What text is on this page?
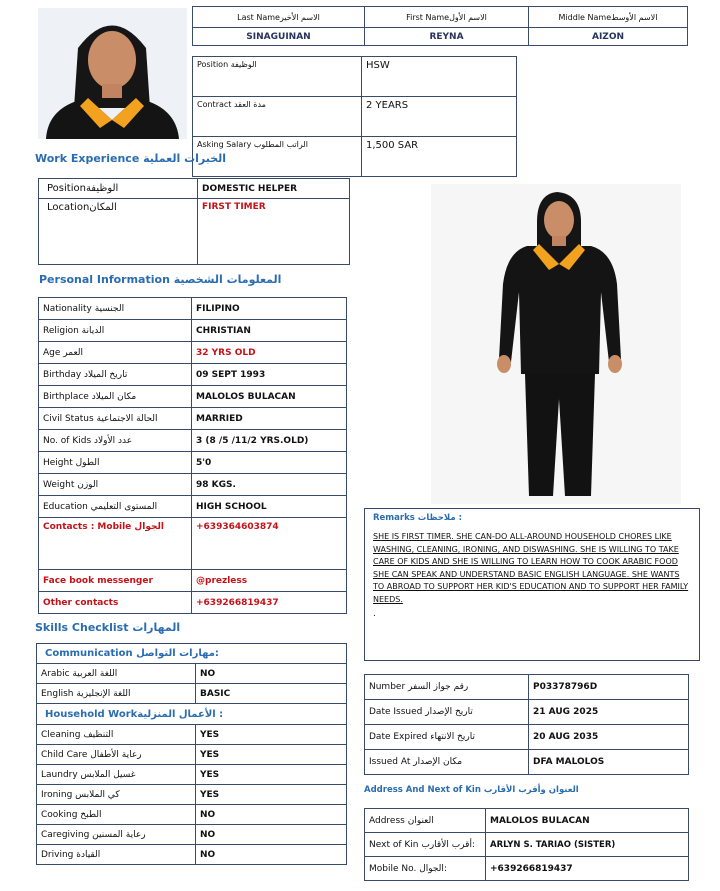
Last Nameالاسم الأخير	First Nameالاسم الأول	Middle Nameالاسم الأوسط
SINAGUINAN	REYNA	AIZON
Position الوظيفة	HSW
Contract مدة العقد	2 YEARS
Asking Salary الراتب المطلوب	1,500 SAR
Work Experience الخبرات العملية
Positionالوظيفة	DOMESTIC HELPER
Locationالمكان	FIRST TIMER
Personal Information المعلومات الشخصية
Nationality الجنسية	FILIPINO
Religion الديانة	CHRISTIAN
Age العمر	32 YRS OLD
Birthday تاريخ الميلاد	09 SEPT 1993
Birthplace مكان الميلاد	MALOLOS BULACAN
Civil Status الحالة الاجتماعية	MARRIED
No. of Kids عدد الأولاد	3 (8 /5 /11/2 YRS.OLD)
Height الطول	5'0
Weight الوزن	98 KGS.
Education المستوى التعليمي	HIGH SCHOOL
Contacts : Mobile الجوال	+639364603874
Face book messenger	@prezless
Other contacts	+639266819437
Remarks ملاحظات :
SHE IS FIRST TIMER. SHE CAN-DO ALL-AROUND HOUSEHOLD CHORES LIKE WASHING, CLEANING, IRONING, AND DISWASHING. SHE IS WILLING TO TAKE CARE OF KIDS AND SHE IS WILLING TO LEARN HOW TO COOK ARABIC FOOD SHE CAN SPEAK AND UNDERSTAND BASIC ENGLISH LANGUAGE. SHE WANTS TO ABROAD TO SUPPORT HER KID'S EDUCATION AND TO SUPPORT HER FAMILY NEEDS.
.
Skills Checklist المهارات
Communication مهارات التواصل:	
Arabic اللغة العربية	NO
English اللغة الإنجليزية	BASIC
Household Workالأعمال المنزلية :	
Cleaning التنظيف	YES
Child Care رعاية الأطفال	YES
Laundry غسيل الملابس	YES
Ironing كي الملابس	YES
Cooking الطبخ	NO
Caregiving رعاية المسنين	NO
Driving القيادة	NO
Number رقم جواز السفر	P03378796D
Date Issued تاريخ الإصدار	21 AUG 2025
Date Expired تاريخ الانتهاء	20 AUG 2035
Issued At مكان الإصدار	DFA MALOLOS
Address And Next of Kin العنوان وأقرب الأقارب
Address العنوان	MALOLOS BULACAN
Next of Kin أقرب الأقارب:	ARLYN S. TARIAO (SISTER)
Mobile No. الجوال:	+639266819437
